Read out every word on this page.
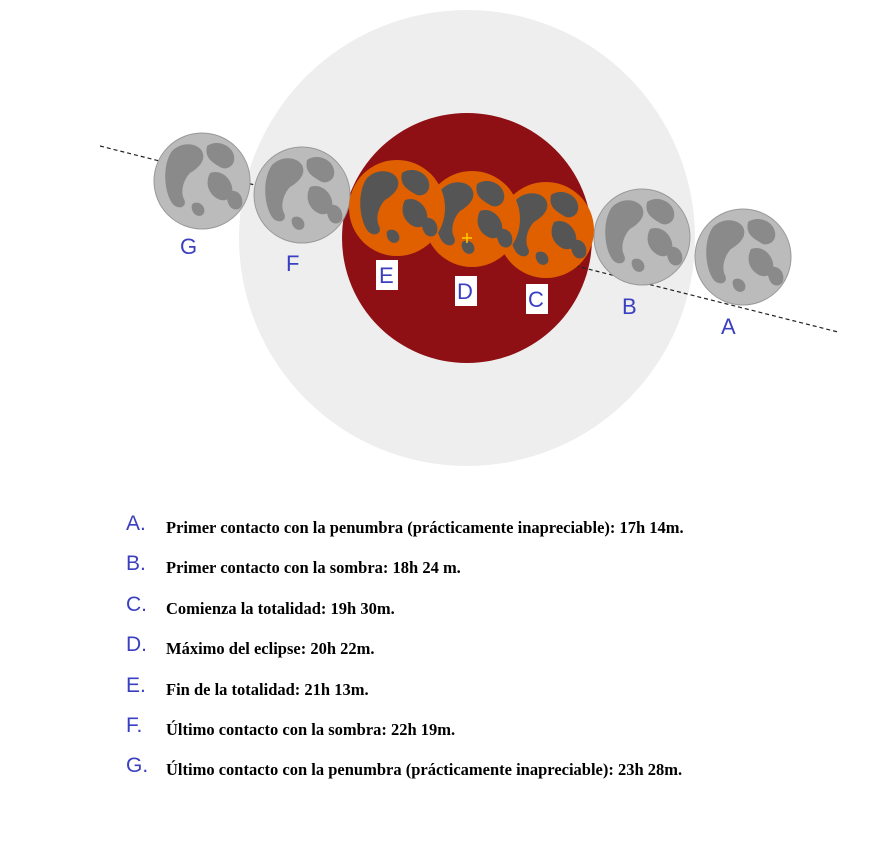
G
F
B
A
E
D	C
A.	Primer contacto con la penumbra (prácticamente inapreciable): 17h 14m.
B.	Primer contacto con la sombra: 18h 24 m.
C.	Comienza la totalidad: 19h 30m.
D.	Máximo del eclipse: 20h 22m.
E.	Fin de la totalidad: 21h 13m.
F.	Último contacto con la sombra: 22h 19m.
G.	Último contacto con la penumbra (prácticamente inapreciable): 23h 28m.
